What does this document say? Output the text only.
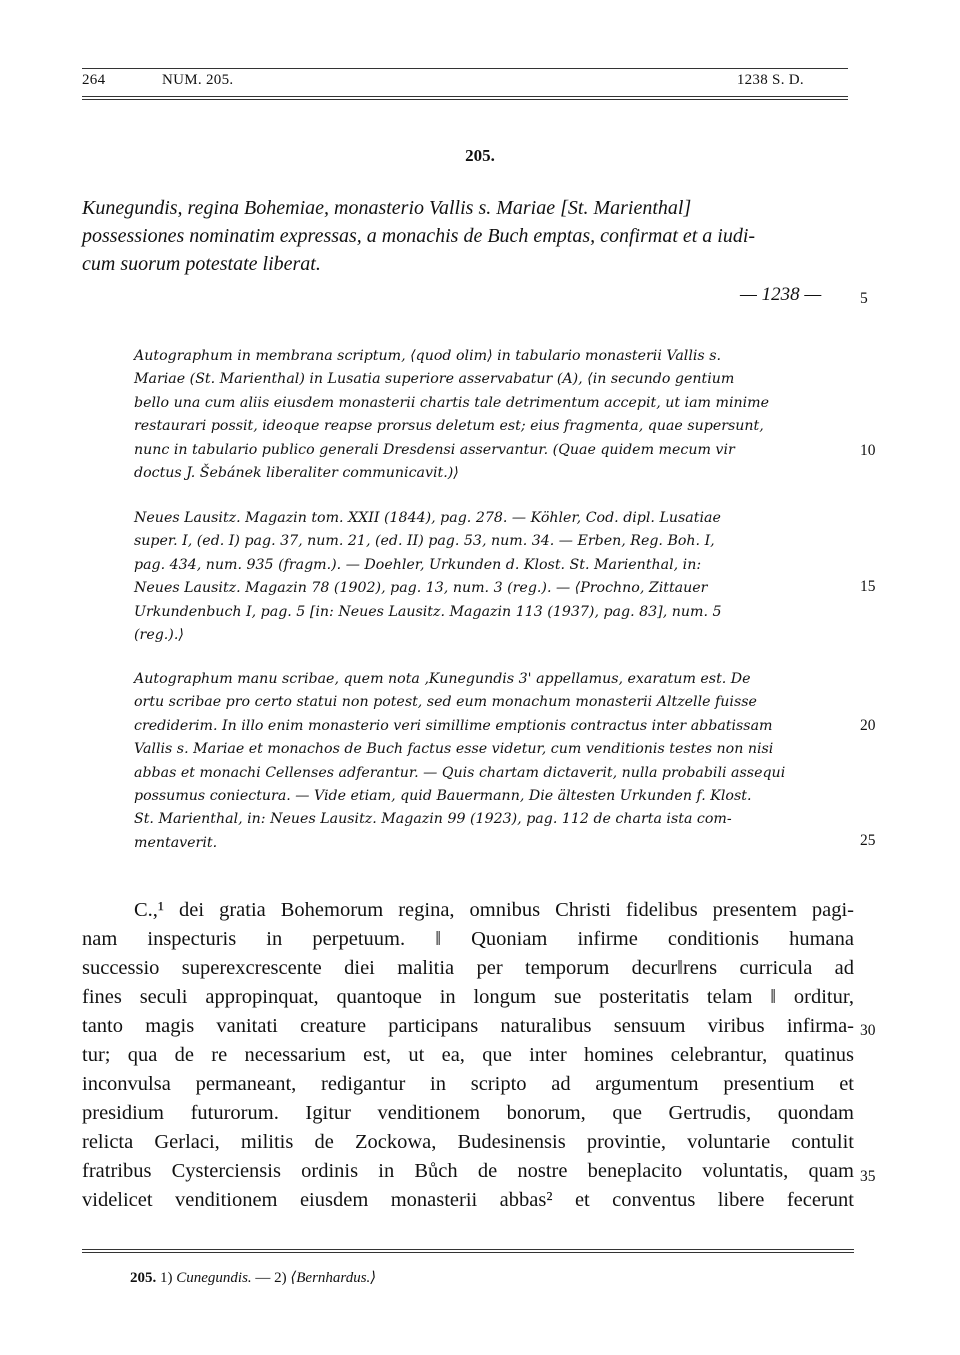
264	NUM. 205.	1238 S. D.
205.
Kunegundis, regina Bohemiae, monasterio Vallis s. Mariae [St. Marienthal]
possessiones nominatim expressas, a monachis de Buch emptas, confirmat et a iudi-
cum suorum potestate liberat.
— 1238 —
Autographum in membrana scriptum, ⟨quod olim⟩ in tabulario monasterii Vallis s.
Mariae (St. Marienthal) in Lusatia superiore asservabatur (A), ⟨in secundo gentium
bello una cum aliis eiusdem monasterii chartis tale detrimentum accepit, ut iam minime
restaurari possit, ideoque reapse prorsus deletum est; eius fragmenta, quae supersunt,
nunc in tabulario publico generali Dresdensi asservantur. (Quae quidem mecum vir
doctus J. Šebánek liberaliter communicavit.)⟩
Neues Lausitz. Magazin tom. XXII (1844), pag. 278. — Köhler, Cod. dipl. Lusatiae
super. I, (ed. I) pag. 37, num. 21, (ed. II) pag. 53, num. 34. — Erben, Reg. Boh. I,
pag. 434, num. 935 (fragm.). — Doehler, Urkunden d. Klost. St. Marienthal, in:
Neues Lausitz. Magazin 78 (1902), pag. 13, num. 3 (reg.). — ⟨Prochno, Zittauer
Urkundenbuch I, pag. 5 [in: Neues Lausitz. Magazin 113 (1937), pag. 83], num. 5
(reg.).⟩
Autographum manu scribae, quem nota ‚Kunegundis 3' appellamus, exaratum est. De
ortu scribae pro certo statui non potest, sed eum monachum monasterii Altzelle fuisse
crediderim. In illo enim monasterio veri simillime emptionis contractus inter abbatissam
Vallis s. Mariae et monachos de Buch factus esse videtur, cum venditionis testes non nisi
abbas et monachi Cellenses adferantur. — Quis chartam dictaverit, nulla probabili assequi
possumus coniectura. — Vide etiam, quid Bauermann, Die ältesten Urkunden f. Klost.
St. Marienthal, in: Neues Lausitz. Magazin 99 (1923), pag. 112 de charta ista com-
mentaverit.
C.,¹ dei gratia Bohemorum regina, omnibus Christi fidelibus presentem pagi-
nam inspecturis in perpetuum. ‖ Quoniam infirme conditionis humana
successio superexcrescente diei malitia per temporum decur‖rens curricula ad
fines seculi appropinquat, quantoque in longum sue posteritatis telam ‖ orditur,
tanto magis vanitati creature participans naturalibus sensuum viribus infirma-
tur; qua de re necessarium est, ut ea, que inter homines celebrantur, quatinus
inconvulsa permaneant, redigantur in scripto ad argumentum presentium et
presidium futurorum. Igitur venditionem bonorum, que Gertrudis, quondam
relicta Gerlaci, militis de Zockowa, Budesinensis provintie, voluntarie contulit
fratribus Cysterciensis ordinis in Bůch de nostre beneplacito voluntatis, quam
videlicet venditionem eiusdem monasterii abbas² et conventus libere fecerunt
5
10
15
20
25
30
35
205. 1) Cunegundis. — 2) ⟨Bernhardus.⟩
